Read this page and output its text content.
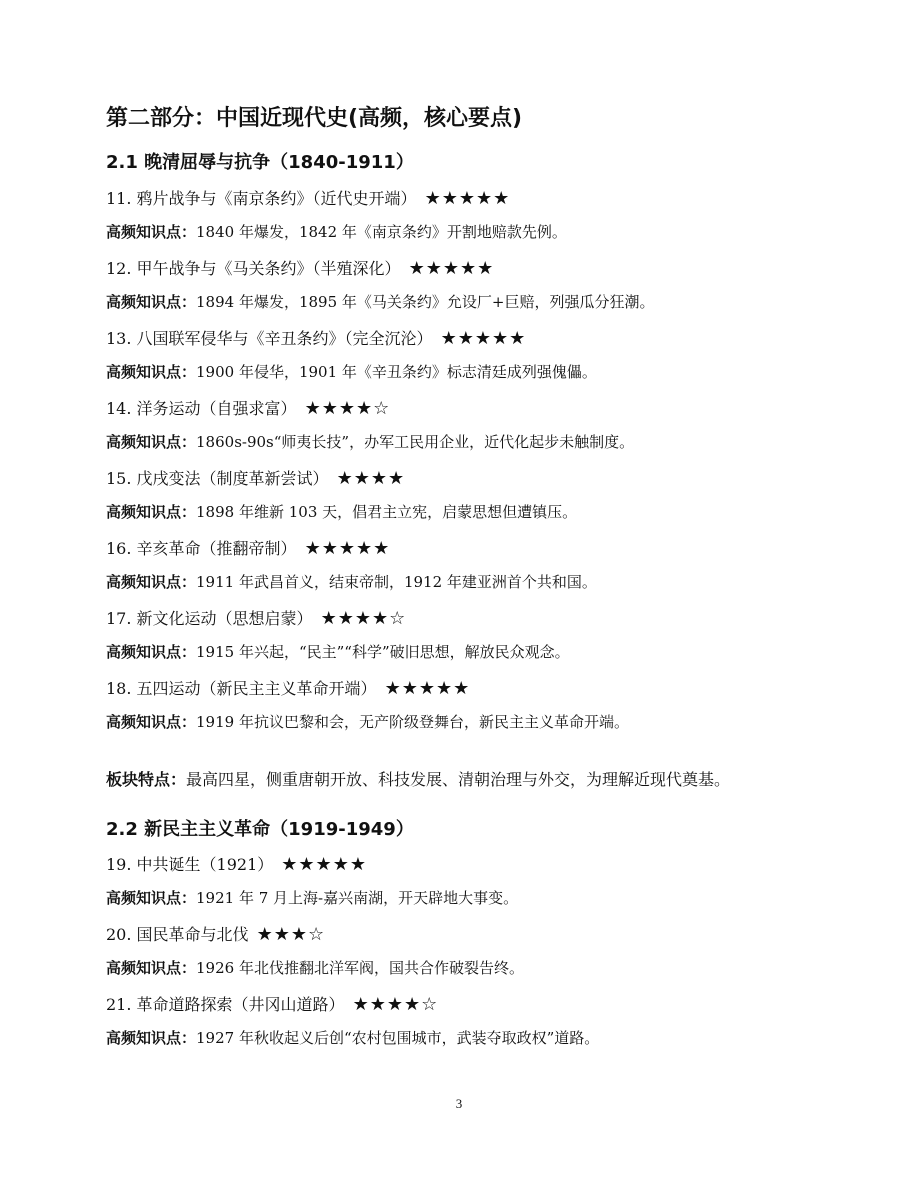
第二部分：中国近现代史(高频，核心要点)
2.1 晚清屈辱与抗争（1840-1911）
11. 鸦片战争与《南京条约》（近代史开端） ★★★★★
高频知识点：1840 年爆发，1842 年《南京条约》开割地赔款先例。
12. 甲午战争与《马关条约》（半殖深化） ★★★★★
高频知识点：1894 年爆发，1895 年《马关条约》允设厂+巨赔，列强瓜分狂潮。
13. 八国联军侵华与《辛丑条约》（完全沉沦） ★★★★★
高频知识点：1900 年侵华，1901 年《辛丑条约》标志清廷成列强傀儡。
14. 洋务运动（自强求富） ★★★★☆
高频知识点：1860s-90s“师夷长技”，办军工民用企业，近代化起步未触制度。
15. 戊戌变法（制度革新尝试） ★★★★
高频知识点：1898 年维新 103 天，倡君主立宪，启蒙思想但遭镇压。
16. 辛亥革命（推翻帝制） ★★★★★
高频知识点：1911 年武昌首义，结束帝制，1912 年建亚洲首个共和国。
17. 新文化运动（思想启蒙） ★★★★☆
高频知识点：1915 年兴起，“民主”“科学”破旧思想，解放民众观念。
18. 五四运动（新民主主义革命开端） ★★★★★
高频知识点：1919 年抗议巴黎和会，无产阶级登舞台，新民主主义革命开端。
板块特点：最高四星，侧重唐朝开放、科技发展、清朝治理与外交，为理解近现代奠基。
2.2 新民主主义革命（1919-1949）
19. 中共诞生（1921） ★★★★★
高频知识点：1921 年 7 月上海-嘉兴南湖，开天辟地大事变。
20. 国民革命与北伐 ★★★☆
高频知识点：1926 年北伐推翻北洋军阀，国共合作破裂告终。
21. 革命道路探索（井冈山道路） ★★★★☆
高频知识点：1927 年秋收起义后创“农村包围城市，武装夺取政权”道路。
3
